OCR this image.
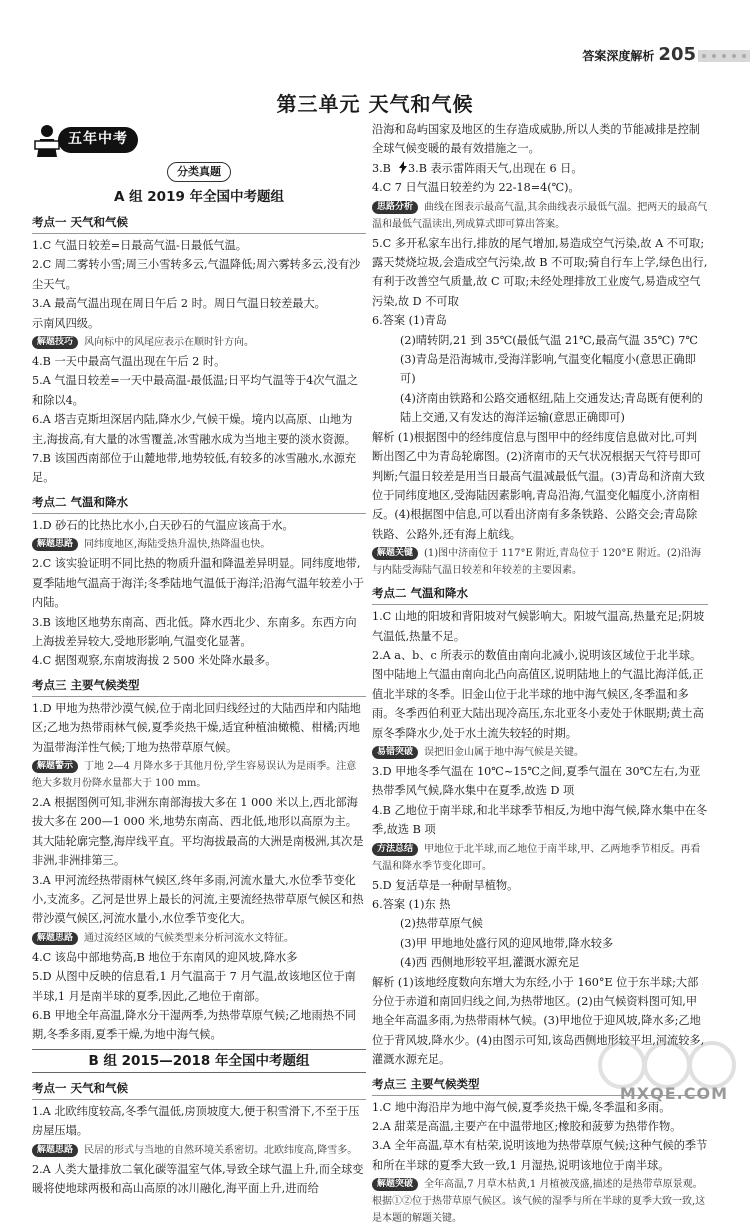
答案深度解析 205
第三单元 天气和气候
五年中考
分类真题
A 组 2019 年全国中考题组
考点一 天气和气候
1.C 气温日较差=日最高气温-日最低气温。
2.C 周二雾转小雪;周三小雪转多云,气温降低;周六雾转多云,没有沙尘天气。
3.A 最高气温出现在周日午后 2 时。周日气温日较差最大。
示南风四级。
解题技巧 风向标中的风尾应表示在顺时针方向。
4.B 一天中最高气温出现在午后 2 时。
5.A 气温日较差=一天中最高温-最低温;日平均气温等于4次气温之和除以4。
6.A 塔吉克斯坦深居内陆,降水少,气候干燥。境内以高原、山地为主,海拔高,有大量的冰雪覆盖,冰雪融水成为当地主要的淡水资源。
7.B 该国西南部位于山麓地带,地势较低,有较多的冰雪融水,水源充足。
考点二 气温和降水
1.D 砂石的比热比水小,白天砂石的气温应该高于水。
解题思路 同纬度地区,海陆受热升温快,热降温也快。
2.C 该实验证明不同比热的物质升温和降温差异明显。同纬度地带,夏季陆地气温高于海洋;冬季陆地气温低于海洋;沿海气温年较差小于内陆。
3.B 该地区地势东南高、西北低。降水西北少、东南多。东西方向上海拔差异较大,受地形影响,气温变化显著。
4.C 据图观察,东南坡海拔 2 500 米处降水最多。
考点三 主要气候类型
1.D 甲地为热带沙漠气候,位于南北回归线经过的大陆西岸和内陆地区;乙地为热带雨林气候,夏季炎热干燥,适宜种植油橄榄、柑橘;丙地为温带海洋性气候;丁地为热带草原气候。
解题警示 丁地 2—4 月降水多于其他月份,学生容易误认为是雨季。注意绝大多数月份降水量都大于 100 mm。
2.A 根据图例可知,非洲东南部海拔大多在 1 000 米以上,西北部海拔大多在 200—1 000 米,地势东南高、西北低,地形以高原为主。其大陆轮廓完整,海岸线平直。平均海拔最高的大洲是南极洲,其次是非洲,非洲排第三。
3.A 甲河流经热带雨林气候区,终年多雨,河流水量大,水位季节变化小,支流多。乙河是世界上最长的河流,主要流经热带草原气候区和热带沙漠气候区,河流水量小,水位季节变化大。
解题思路 通过流经区域的气候类型来分析河流水文特征。
4.C 该岛中部地势高,B 地位于东南风的迎风坡,降水多
5.D 从图中反映的信息看,1 月气温高于 7 月气温,故该地区位于南半球,1 月是南半球的夏季,因此,乙地位于南部。
6.B 甲地全年高温,降水分干湿两季,为热带草原气候;乙地雨热不同期,冬季多雨,夏季干燥,为地中海气候。
B 组 2015—2018 年全国中考题组
考点一 天气和气候
1.A 北欧纬度较高,冬季气温低,房顶坡度大,便于积雪滑下,不至于压房屋压塌。
解题思路 民居的形式与当地的自然环境关系密切。北欧纬度高,降雪多。
2.A 人类大量排放二氧化碳等温室气体,导致全球气温上升,而全球变暖将使地球两极和高山高原的冰川融化,海平面上升,进而给
沿海和岛屿国家及地区的生存造成威胁,所以人类的节能减排是控制全球气候变暖的最有效措施之一。
3.B  3.B 表示雷阵雨天气,出现在 6 日。
4.C 7 日气温日较差约为 22-18=4(℃)。
思路分析 曲线在图表示最高气温,其余曲线表示最低气温。把两天的最高气温和最低气温读出,列成算式即可算出答案。
5.C 多开私家车出行,排放的尾气增加,易造成空气污染,故 A 不可取;露天焚烧垃圾,会造成空气污染,故 B 不可取;骑自行车上学,绿色出行,有利于改善空气质量,故 C 可取;未经处理排放工业废气,易造成空气污染,故 D 不可取
6.答案 (1)青岛
(2)晴转阴,21 到 35℃(最低气温 21℃,最高气温 35℃) 7℃
(3)青岛是沿海城市,受海洋影响,气温变化幅度小(意思正确即可)
(4)济南由铁路和公路交通枢纽,陆上交通发达;青岛既有便利的陆上交通,又有发达的海洋运输(意思正确即可)
解析 (1)根据图中的经纬度信息与图甲中的经纬度信息做对比,可判断出图乙中为青岛轮廓图。(2)济南市的天气状况根据天气符号即可判断;气温日较差是用当日最高气温减最低气温。(3)青岛和济南大致位于同纬度地区,受海陆因素影响,青岛沿海,气温变化幅度小,济南相反。(4)根据图中信息,可以看出济南有多条铁路、公路交会;青岛除铁路、公路外,还有海上航线。
解题关键 (1)图中济南位于 117°E 附近,青岛位于 120°E 附近。(2)沿海与内陆受海陆气温日较差和年较差的主要因素。
考点二 气温和降水
1.C 山地的阳坡和背阳坡对气候影响大。阳坡气温高,热量充足;阴坡气温低,热量不足。
2.A a、b、c 所表示的数值由南向北减小,说明该区域位于北半球。图中陆地上气温由南向北凸向高值区,说明陆地上的气温比海洋低,正值北半球的冬季。旧金山位于北半球的地中海气候区,冬季温和多雨。冬季西伯利亚大陆出现冷高压,东北亚冬小麦处于休眠期;黄土高原冬季降水少,处于水土流失较轻的时期。
易错突破 误把旧金山属于地中海气候是关键。
3.D 甲地冬季气温在 10℃~15℃之间,夏季气温在 30℃左右,为亚热带季风气候,降水集中在夏季,故选 D 项
4.B 乙地位于南半球,和北半球季节相反,为地中海气候,降水集中在冬季,故选 B 项
方法总结 甲地位于北半球,而乙地位于南半球,甲、乙两地季节相反。再看气温和降水季节变化即可。
5.D 复活草是一种耐旱植物。
6.答案 (1)东 热
(2)热带草原气候
(3)甲 甲地地处盛行风的迎风地带,降水较多
(4)西 西侧地形较平坦,灌溉水源充足
解析 (1)该地经度数向东增大为东经,小于 160°E 位于东半球;大部分位于赤道和南回归线之间,为热带地区。(2)由气候资料图可知,甲地全年高温多雨,为热带雨林气候。(3)甲地位于迎风坡,降水多;乙地位于背风坡,降水少。(4)由图示可知,该岛西侧地形较平坦,河流较多,灌溉水源充足。
考点三 主要气候类型
1.C 地中海沿岸为地中海气候,夏季炎热干燥,冬季温和多雨。
2.A 甜菜是高温,主要产在中温带地区;橡胶和菠萝为热带作物。
3.A 全年高温,草木有枯荣,说明该地为热带草原气候;这种气候的季节和所在半球的夏季大致一致,1 月湿热,说明该地位于南半球。
解题突破 全年高温,7 月草木枯黄,1 月植被茂盛,描述的是热带草原景观。根据①②位于热带草原气候区。该气候的湿季与所在半球的夏季大致一致,这是本题的解题关键。
MXQE.COM
